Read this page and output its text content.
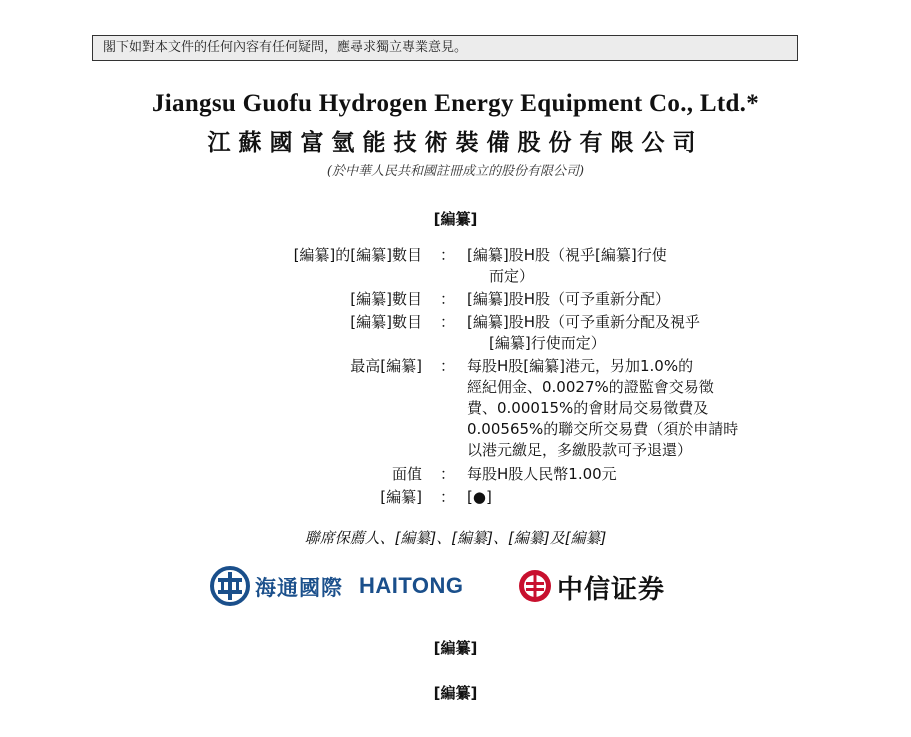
閣下如對本文件的任何內容有任何疑問，應尋求獨立專業意見。
Jiangsu Guofu Hydrogen Energy Equipment Co., Ltd.*
江蘇國富氫能技術裝備股份有限公司
(於中華人民共和國註冊成立的股份有限公司)
[編纂]
[編纂]的[編纂]數目 ： [編纂]股H股（視乎[編纂]行使
而定）
[編纂]數目 ： [編纂]股H股（可予重新分配）
[編纂]數目 ： [編纂]股H股（可予重新分配及視乎
[編纂]行使而定）
最高[編纂] ： 每股H股[編纂]港元，另加1.0%的
經紀佣金、0.0027%的證監會交易徵
費、0.00015%的會財局交易徵費及
0.00565%的聯交所交易費（須於申請時
以港元繳足，多繳股款可予退還）
面值 ： 每股H股人民幣1.00元
[編纂] ： [●]
聯席保薦人、[編纂]、[編纂]、[編纂]及[編纂]
海通國際 HAITONG	中信证券
[編纂]
[編纂]
